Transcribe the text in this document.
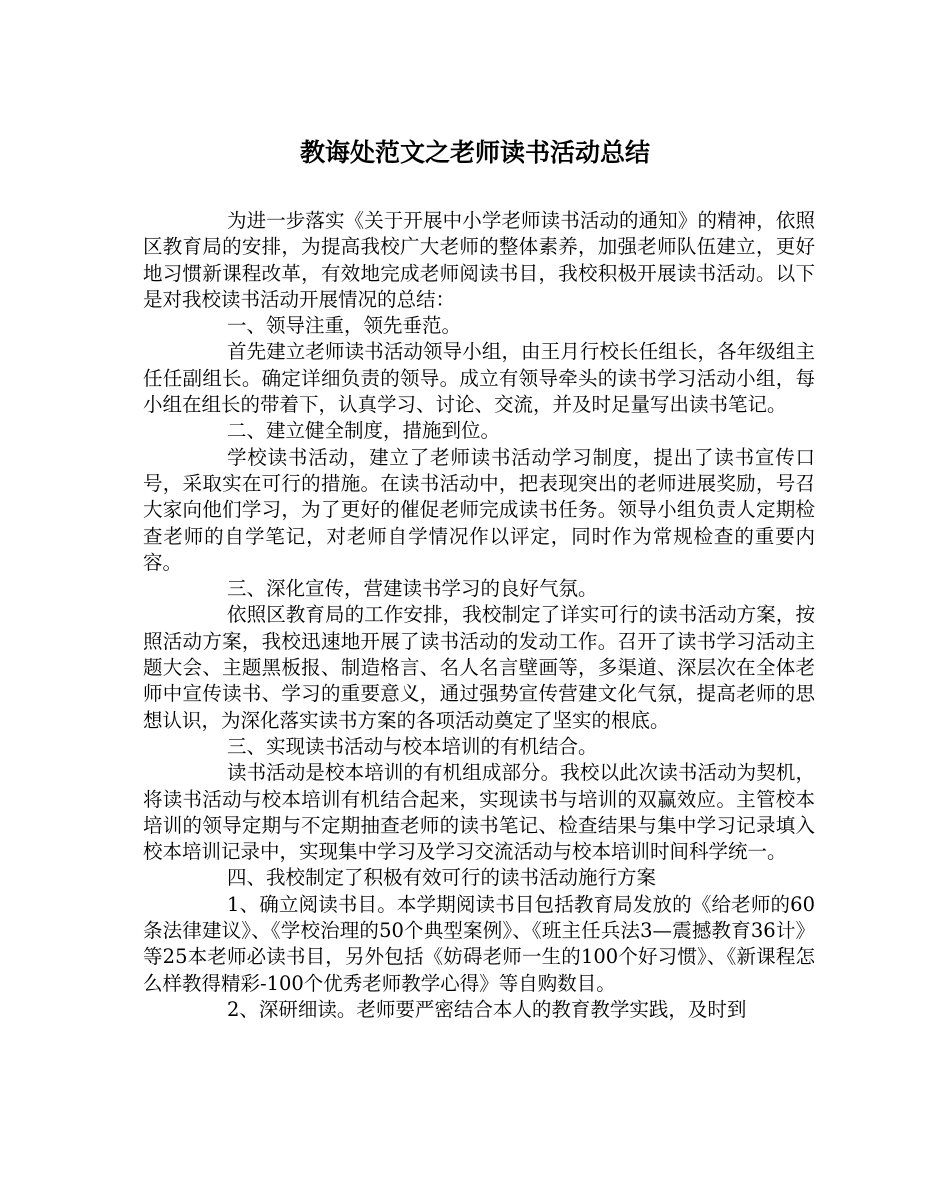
教诲处范文之老师读书活动总结

为进一步落实《关于开展中小学老师读书活动的通知》的精神，依照区教育局的安排，为提高我校广大老师的整体素养，加强老师队伍建立，更好地习惯新课程改革，有效地完成老师阅读书目，我校积极开展读书活动。以下是对我校读书活动开展情况的总结：

一、领导注重，领先垂范。

首先建立老师读书活动领导小组，由王月行校长任组长，各年级组主任任副组长。确定详细负责的领导。成立有领导牵头的读书学习活动小组，每小组在组长的带着下，认真学习、讨论、交流，并及时足量写出读书笔记。

二、建立健全制度，措施到位。

学校读书活动，建立了老师读书活动学习制度，提出了读书宣传口号，采取实在可行的措施。在读书活动中，把表现突出的老师进展奖励，号召大家向他们学习，为了更好的催促老师完成读书任务。领导小组负责人定期检查老师的自学笔记，对老师自学情况作以评定，同时作为常规检查的重要内容。

三、深化宣传，营建读书学习的良好气氛。

依照区教育局的工作安排，我校制定了详实可行的读书活动方案，按照活动方案，我校迅速地开展了读书活动的发动工作。召开了读书学习活动主题大会、主题黑板报、制造格言、名人名言壁画等，多渠道、深层次在全体老师中宣传读书、学习的重要意义，通过强势宣传营建文化气氛，提高老师的思想认识，为深化落实读书方案的各项活动奠定了坚实的根底。

三、实现读书活动与校本培训的有机结合。

读书活动是校本培训的有机组成部分。我校以此次读书活动为契机，将读书活动与校本培训有机结合起来，实现读书与培训的双赢效应。主管校本培训的领导定期与不定期抽查老师的读书笔记、检查结果与集中学习记录填入校本培训记录中，实现集中学习及学习交流活动与校本培训时间科学统一。

四、我校制定了积极有效可行的读书活动施行方案

1、确立阅读书目。本学期阅读书目包括教育局发放的《给老师的60条法律建议》、《学校治理的50个典型案例》、《班主任兵法3—震撼教育36计》等25本老师必读书目，另外包括《妨碍老师一生的100个好习惯》、《新课程怎么样教得精彩-100个优秀老师教学心得》等自购数目。

2、深研细读。老师要严密结合本人的教育教学实践，及时到
